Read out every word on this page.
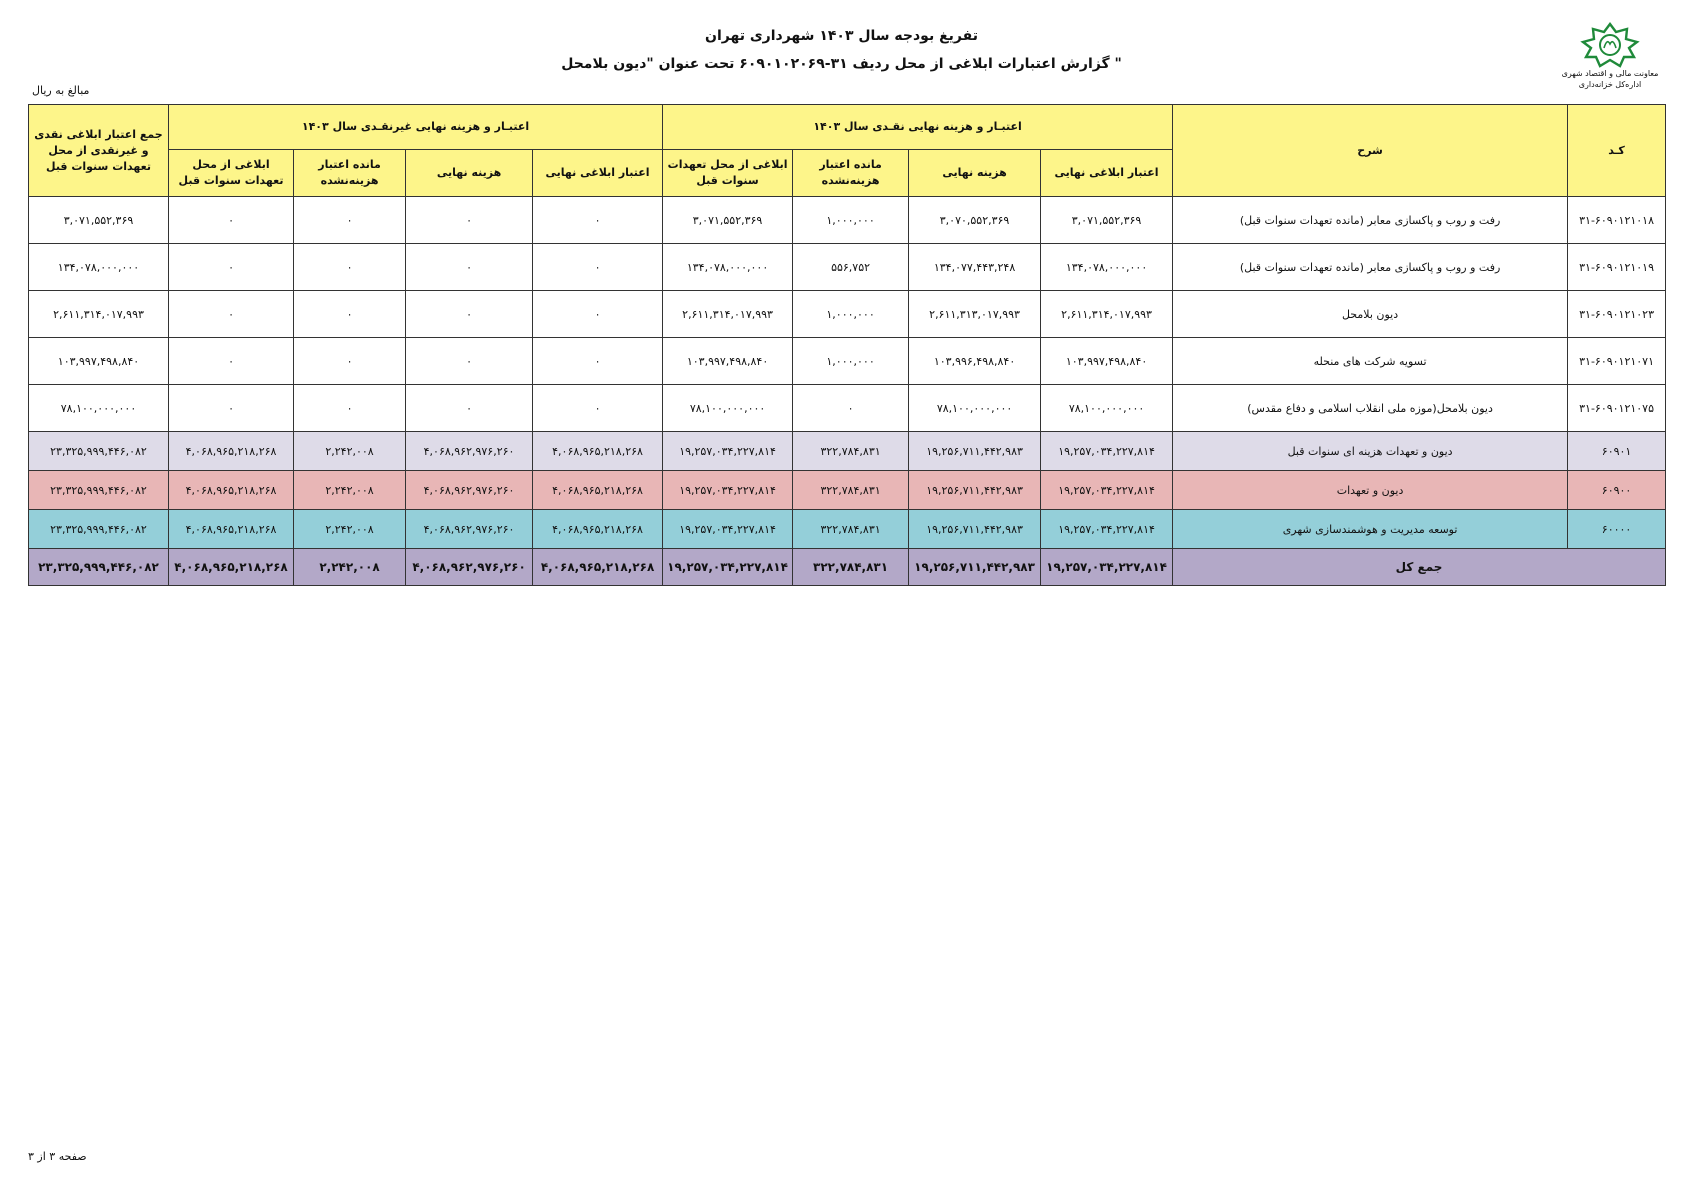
تفریغ بودجه سال ۱۴۰۳ شهرداری تهران
گزارش اعتبارات ابلاغی از محل ردیف ۳۱-۶۰۹۰۱۰۲۰۶۹ تحت عنوان "دیون بلامحل "
مبالغ به ریال
معاونت مالی و اقتصاد شهری
اداره‌کل خزانه‌داری
کـد	شرح	اعتبـار و هزینه نهایی نقـدی سال ۱۴۰۳				اعتبـار و هزینه نهایی غیرنقـدی سال ۱۴۰۳				جمع اعتبار ابلاغی نقدی و غیرنقدی از محل تعهدات سنوات قبل
		اعتبار ابلاغی نهایی	هزینه نهایی	مانده اعتبار هزینه‌نشده	ابلاغی از محل تعهدات سنوات قبل	اعتبار ابلاغی نهایی	هزینه نهایی	مانده اعتبار هزینه‌نشده	ابلاغی از محل تعهدات سنوات قبل	
۳۱-۶۰۹۰۱۲۱۰۱۸	رفت و روب و پاکسازی معابر (مانده تعهدات سنوات قبل)	۳,۰۷۱,۵۵۲,۳۶۹	۳,۰۷۰,۵۵۲,۳۶۹	۱,۰۰۰,۰۰۰	۳,۰۷۱,۵۵۲,۳۶۹	۰	۰	۰	۰	۳,۰۷۱,۵۵۲,۳۶۹
۳۱-۶۰۹۰۱۲۱۰۱۹	رفت و روب و پاکسازی معابر (مانده تعهدات سنوات قبل)	۱۳۴,۰۷۸,۰۰۰,۰۰۰	۱۳۴,۰۷۷,۴۴۳,۲۴۸	۵۵۶,۷۵۲	۱۳۴,۰۷۸,۰۰۰,۰۰۰	۰	۰	۰	۰	۱۳۴,۰۷۸,۰۰۰,۰۰۰
۳۱-۶۰۹۰۱۲۱۰۲۳	دیون بلامحل	۲,۶۱۱,۳۱۴,۰۱۷,۹۹۳	۲,۶۱۱,۳۱۳,۰۱۷,۹۹۳	۱,۰۰۰,۰۰۰	۲,۶۱۱,۳۱۴,۰۱۷,۹۹۳	۰	۰	۰	۰	۲,۶۱۱,۳۱۴,۰۱۷,۹۹۳
۳۱-۶۰۹۰۱۲۱۰۷۱	تسویه شرکت های منحله	۱۰۳,۹۹۷,۴۹۸,۸۴۰	۱۰۳,۹۹۶,۴۹۸,۸۴۰	۱,۰۰۰,۰۰۰	۱۰۳,۹۹۷,۴۹۸,۸۴۰	۰	۰	۰	۰	۱۰۳,۹۹۷,۴۹۸,۸۴۰
۳۱-۶۰۹۰۱۲۱۰۷۵	دیون بلامحل(موزه ملی انقلاب اسلامی و دفاع مقدس)	۷۸,۱۰۰,۰۰۰,۰۰۰	۷۸,۱۰۰,۰۰۰,۰۰۰	۰	۷۸,۱۰۰,۰۰۰,۰۰۰	۰	۰	۰	۰	۷۸,۱۰۰,۰۰۰,۰۰۰
۶۰۹۰۱	دیون و تعهدات هزینه ای سنوات قبل	۱۹,۲۵۷,۰۳۴,۲۲۷,۸۱۴	۱۹,۲۵۶,۷۱۱,۴۴۲,۹۸۳	۳۲۲,۷۸۴,۸۳۱	۱۹,۲۵۷,۰۳۴,۲۲۷,۸۱۴	۴,۰۶۸,۹۶۵,۲۱۸,۲۶۸	۴,۰۶۸,۹۶۲,۹۷۶,۲۶۰	۲,۲۴۲,۰۰۸	۴,۰۶۸,۹۶۵,۲۱۸,۲۶۸	۲۳,۳۲۵,۹۹۹,۴۴۶,۰۸۲
۶۰۹۰۰	دیون و تعهدات	۱۹,۲۵۷,۰۳۴,۲۲۷,۸۱۴	۱۹,۲۵۶,۷۱۱,۴۴۲,۹۸۳	۳۲۲,۷۸۴,۸۳۱	۱۹,۲۵۷,۰۳۴,۲۲۷,۸۱۴	۴,۰۶۸,۹۶۵,۲۱۸,۲۶۸	۴,۰۶۸,۹۶۲,۹۷۶,۲۶۰	۲,۲۴۲,۰۰۸	۴,۰۶۸,۹۶۵,۲۱۸,۲۶۸	۲۳,۳۲۵,۹۹۹,۴۴۶,۰۸۲
۶۰۰۰۰	توسعه مدیریت و هوشمندسازی شهری	۱۹,۲۵۷,۰۳۴,۲۲۷,۸۱۴	۱۹,۲۵۶,۷۱۱,۴۴۲,۹۸۳	۳۲۲,۷۸۴,۸۳۱	۱۹,۲۵۷,۰۳۴,۲۲۷,۸۱۴	۴,۰۶۸,۹۶۵,۲۱۸,۲۶۸	۴,۰۶۸,۹۶۲,۹۷۶,۲۶۰	۲,۲۴۲,۰۰۸	۴,۰۶۸,۹۶۵,۲۱۸,۲۶۸	۲۳,۳۲۵,۹۹۹,۴۴۶,۰۸۲
جمع کل		۱۹,۲۵۷,۰۳۴,۲۲۷,۸۱۴	۱۹,۲۵۶,۷۱۱,۴۴۲,۹۸۳	۳۲۲,۷۸۴,۸۳۱	۱۹,۲۵۷,۰۳۴,۲۲۷,۸۱۴	۴,۰۶۸,۹۶۵,۲۱۸,۲۶۸	۴,۰۶۸,۹۶۲,۹۷۶,۲۶۰	۲,۲۴۲,۰۰۸	۴,۰۶۸,۹۶۵,۲۱۸,۲۶۸	۲۳,۳۲۵,۹۹۹,۴۴۶,۰۸۲
صفحه ۳ از ۳
